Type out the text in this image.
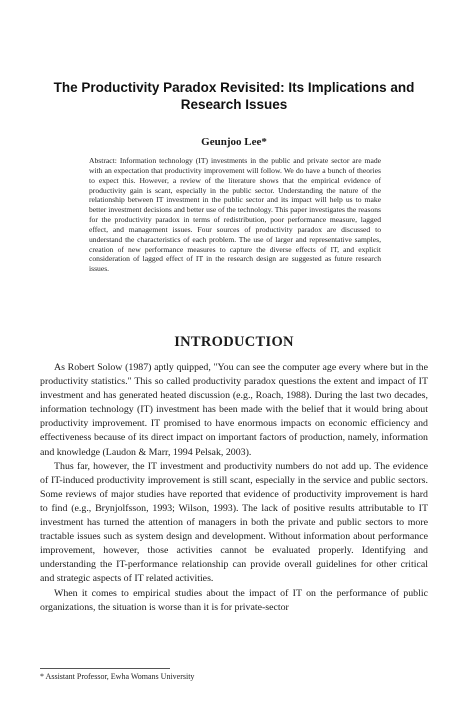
The Productivity Paradox Revisited: Its Implications and
Research Issues
Geunjoo Lee*
Abstract: Information technology (IT) investments in the public and private sector are made with an expectation that productivity improvement will follow. We do have a bunch of theories to expect this. However, a review of the literature shows that the empirical evidence of productivity gain is scant, especially in the public sector. Understanding the nature of the relationship between IT investment in the public sector and its impact will help us to make better investment decisions and better use of the technology. This paper investigates the reasons for the productivity paradox in terms of redistribution, poor performance measure, lagged effect, and management issues. Four sources of productivity paradox are discussed to understand the characteristics of each problem. The use of larger and representative samples, creation of new performance measures to capture the diverse effects of IT, and explicit consideration of lagged effect of IT in the research design are suggested as future research issues.
INTRODUCTION

As Robert Solow (1987) aptly quipped, "You can see the computer age every where but in the productivity statistics." This so called productivity paradox questions the extent and impact of IT investment and has generated heated discussion (e.g., Roach, 1988). During the last two decades, information technology (IT) investment has been made with the belief that it would bring about productivity improvement. IT promised to have enormous impacts on economic efficiency and effectiveness because of its direct impact on important factors of production, namely, information and knowledge (Laudon & Marr, 1994 Pelsak, 2003).

Thus far, however, the IT investment and productivity numbers do not add up. The evidence of IT-induced productivity improvement is still scant, especially in the service and public sectors. Some reviews of major studies have reported that evidence of productivity improvement is hard to find (e.g., Brynjolfsson, 1993; Wilson, 1993). The lack of positive results attributable to IT investment has turned the attention of managers in both the private and public sectors to more tractable issues such as system design and development. Without information about performance improvement, however, those activities cannot be evaluated properly. Identifying and understanding the IT-performance relationship can provide overall guidelines for other critical and strategic aspects of IT related activities.

When it comes to empirical studies about the impact of IT on the performance of public organizations, the situation is worse than it is for private-sector

* Assistant Professor, Ewha Womans University
